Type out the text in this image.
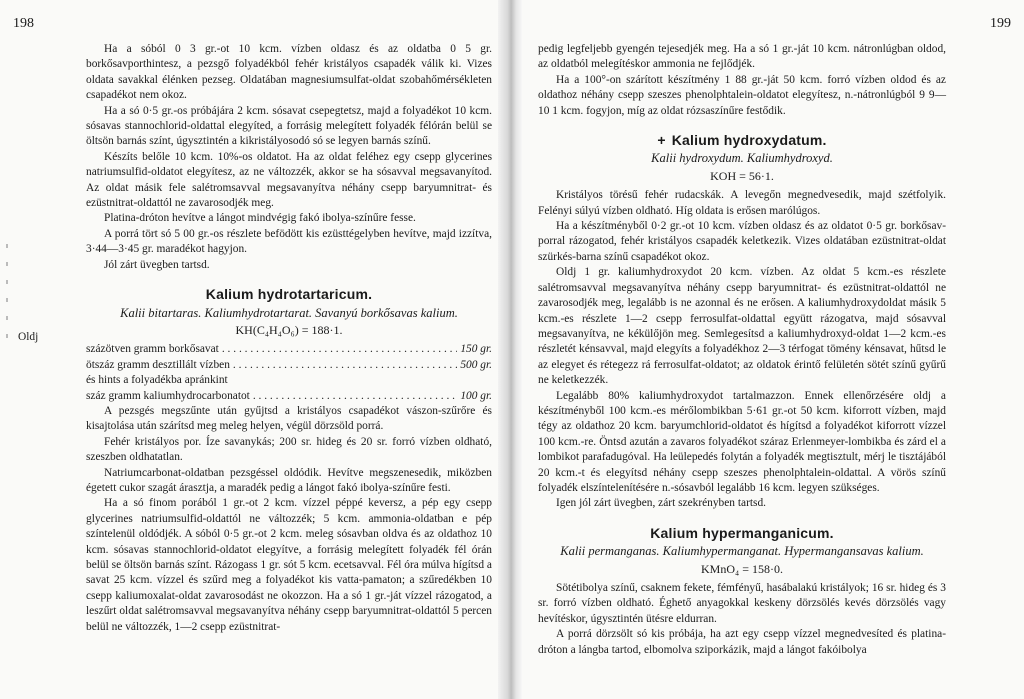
198

Ha a sóból 0 3 gr.-ot 10 kcm. vízben oldasz és az oldatba 0 5 gr. borkősavporthintesz, a pezsgő folyadékból fehér kristályos csapadék válik ki. Vizes oldata savakkal élénken pezseg. Oldatában magnesiumsulfat-oldat szobahőmérsékleten csapadékot nem okoz.

Ha a só 0·5 gr.-os próbájára 2 kcm. sósavat csepegtetsz, majd a folyadékot 10 kcm. sósavas stannochlorid-oldattal elegyíted, a forrásig melegített folyadék félórán belül se öltsön barnás színt, úgysztintén a kikristályosodó só se legyen barnás színű.

Készíts belőle 10 kcm. 10%-os oldatot. Ha az oldat feléhez egy csepp glycerines natriumsulfid-oldatot elegyítesz, az ne változzék, akkor se ha sósavval megsavanyítod. Az oldat másik fele salétromsavval megsavanyítva néhány csepp baryumnitrat- és ezüstnitrat-oldattól ne zavarosodjék meg.

Platina-dróton hevítve a lángot mindvégig fakó ibolya-színűre fesse.

A porrá tört só 5 00 gr.-os részlete befödött kis ezüsttégelyben hevítve, majd izzítva, 3·44—3·45 gr. maradékot hagyjon.

Jól zárt üvegben tartsd.

Kalium hydrotartaricum.
Kalii bitartaras. Kaliumhydrotartarat. Savanyú borkősavas kalium.
KH(C₄H₄O₆) = 188·1.
Oldj
százötven gramm borkősavat . . .	150 gr.
ötszáz gramm desztillált vízben . . .	500 gr.

és hints a folyadékba apránkint

száz gramm kaliumhydrocarbonatot . . .	100 gr.

A pezsgés megszűnte után gyűjtsd a kristályos csapadékot vászon-szűrőre és kisajtolása után szárítsd meg meleg helyen, végül dörzsöld porrá.

Fehér kristályos por. Íze savanykás; 200 sr. hideg és 20 sr. forró vízben oldható, szeszben oldhatatlan.

Natriumcarbonat-oldatban pezsgéssel oldódik. Hevítve megszenesedik, miközben égetett cukor szagát árasztja, a maradék pedig a lángot fakó ibolya-színűre festi.

Ha a só finom porából 1 gr.-ot 2 kcm. vízzel péppé keversz, a pép egy csepp glycerines natriumsulfid-oldattól ne változzék; 5 kcm. ammonia-oldatban e pép színtelenül oldódjék. A sóból 0·5 gr.-ot 2 kcm. meleg sósavban oldva és az oldathoz 10 kcm. sósavas stannochlorid-oldatot elegyítve, a forrásig melegített folyadék fél órán belül se öltsön barnás színt. Rázogass 1 gr. sót 5 kcm. ecetsavval. Fél óra múlva hígítsd a savat 25 kcm. vízzel és szűrd meg a folyadékot kis vatta-pamaton; a szűredékben 10 csepp kaliumoxalat-oldat zavarosodást ne okozzon. Ha a só 1 gr.-ját vízzel rázogatod, a leszűrt oldat salétromsavval megsavanyítva néhány csepp baryumnitrat-oldattól 5 percen belül ne változzék, 1—2 csepp ezüstnitrat-

199

pedig legfeljebb gyengén tejesedjék meg. Ha a só 1 gr.-ját 10 kcm. nátronlúgban oldod, az oldatból melegítéskor ammonia ne fejlődjék.

Ha a 100°-on szárított készítmény 1 88 gr.-ját 50 kcm. forró vízben oldod és az oldathoz néhány csepp szeszes phenolphtalein-oldatot elegyítesz, n.-nátronlúgból 9 9—10 1 kcm. fogyjon, míg az oldat rózsaszínűre festődik.

+ Kalium hydroxydatum.
Kalii hydroxydum. Kaliumhydroxyd.
KOH = 56·1.

Kristályos törésű fehér rudacskák. A levegőn megnedvesedik, majd szétfolyik. Felényi súlyú vízben oldható. Híg oldata is erősen marólúgos.

Ha a készítményből 0·2 gr.-ot 10 kcm. vízben oldasz és az oldatot 0·5 gr. borkősav-porral rázogatod, fehér kristályos csapadék keletkezik. Vizes oldatában ezüstnitrat-oldat szürkés-barna színű csapadékot okoz.

Oldj 1 gr. kaliumhydroxydot 20 kcm. vízben. Az oldat 5 kcm.-es részlete salétromsavval megsavanyítva néhány csepp baryumnitrat- és ezüstnitrat-oldattól ne zavarosodjék meg, legalább is ne azonnal és ne erősen. A kaliumhydroxydoldat másik 5 kcm.-es részlete 1—2 csepp ferrosulfat-oldattal együtt rázogatva, majd sósavval megsavanyítva, ne kékülőjön meg. Semlegesítsd a kaliumhydroxyd-oldat 1—2 kcm.-es részletét kénsavval, majd elegyíts a folyadékhoz 2—3 térfogat tömény kénsavat, hűtsd le az elegyet és rétegezz rá ferrosulfat-oldatot; az oldatok érintő felületén sötét színű gyűrű ne keletkezzék.

Legalább 80% kaliumhydroxydot tartalmazzon. Ennek ellenőrzésére oldj a készítményből 100 kcm.-es mérőlombikban 5·61 gr.-ot 50 kcm. kiforrott vízben, majd tégy az oldathoz 20 kcm. baryumchlorid-oldatot és hígítsd a folyadékot kiforrott vízzel 100 kcm.-re. Öntsd azután a zavaros folyadékot száraz Erlenmeyer-lombikba és zárd el a lombikot parafadugóval. Ha leülepedés folytán a folyadék megtisztult, mérj le tisztájából 20 kcm.-t és elegyítsd néhány csepp szeszes phenolphtalein-oldattal. A vörös színű folyadék elszíntelenítésére n.-sósavból legalább 16 kcm. legyen szükséges.

Igen jól zárt üvegben, zárt szekrényben tartsd.

Kalium hypermanganicum.
Kalii permanganas. Kaliumhypermanganat. Hypermangansavas kalium.
KMnO₄ = 158·0.

Sötétibolya színű, csaknem fekete, fémfényű, hasábalakú kristályok; 16 sr. hideg és 3 sr. forró vízben oldható. Éghető anyagokkal keskeny dörzsölés kevés dörzsölés vagy hevítéskor, úgysztintén ütésre eldurran.

A porrá dörzsölt só kis próbája, ha azt egy csepp vízzel megnedvesíted és platina-dróton a lángba tartod, elbomolva sziporkázik, majd a lángot fakóibolya
